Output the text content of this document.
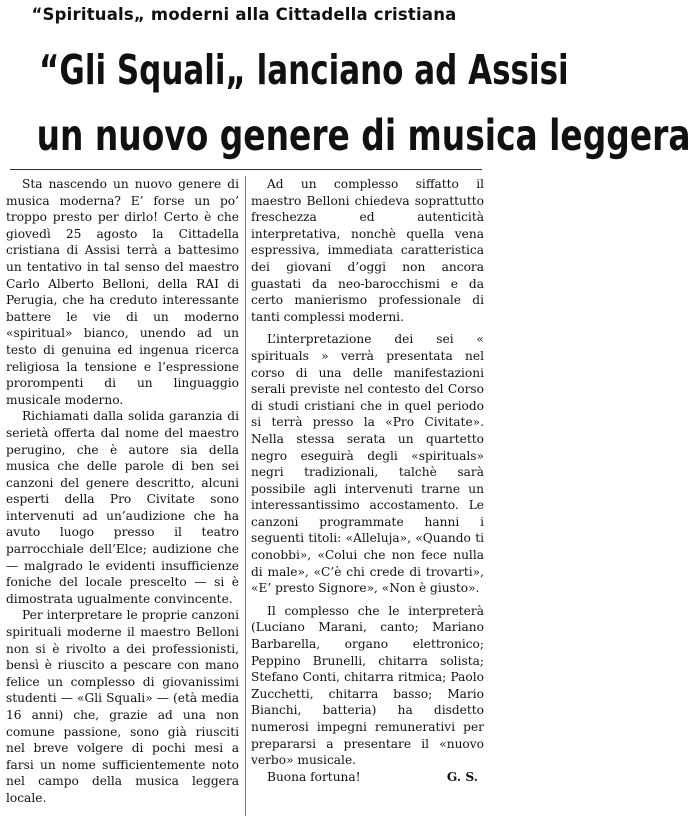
“Spirituals„ moderni alla Cittadella cristiana
“Gli Squali„ lanciano ad Assisi
un nuovo genere di musica leggera

Sta nascendo un nuovo genere di musica moderna? E’ forse un po’ troppo presto per dirlo! Certo è che giovedì 25 agosto la Cittadella cristiana di Assisi terrà a battesimo un tentativo in tal senso del maestro Carlo Alberto Belloni, della RAI di Perugia, che ha creduto interessante battere le vie di un moderno «spiritual» bianco, unendo ad un testo di genuina ed ingenua ricerca religiosa la tensione e l’espressione prorompenti di un linguaggio musicale moderno.

Richiamati dalla solida garanzia di serietà offerta dal nome del maestro perugino, che è autore sia della musica che delle parole di ben sei canzoni del genere descritto, alcuni esperti della Pro Civitate sono intervenuti ad un’audizione che ha avuto luogo presso il teatro parrocchiale dell’Elce; audizione che — malgrado le evidenti insufficienze foniche del locale prescelto — si è dimostrata ugualmente convincente.

Per interpretare le proprie canzoni spirituali moderne il maestro Belloni non si è rivolto a dei professionisti, bensì è riuscito a pescare con mano felice un complesso di giovanissimi studenti — «Gli Squali» — (età media 16 anni) che, grazie ad una non comune passione, sono già riusciti nel breve volgere di pochi mesi a farsi un nome sufficientemente noto nel campo della musica leggera locale.

Ad un complesso siffatto il maestro Belloni chiedeva soprattutto freschezza ed autenticità interpretativa, nonchè quella vena espressiva, immediata caratteristica dei giovani d’oggi non ancora guastati da neo-barocchismi e da certo manierismo professionale di tanti complessi moderni.

L’interpretazione dei sei « spirituals » verrà presentata nel corso di una delle manifestazioni serali previste nel contesto del Corso di studi cristiani che in quel periodo si terrà presso la «Pro Civitate». Nella stessa serata un quartetto negro eseguirà degli «spirituals» negri tradizionali, talchè sarà possibile agli intervenuti trarne un interessantissimo accostamento. Le canzoni programmate hanni i seguenti titoli: «Alleluja», «Quando ti conobbi», «Colui che non fece nulla di male», «C’è chi crede di trovarti», «E’ presto Signore», «Non è giusto».

Il complesso che le interpreterà (Luciano Marani, canto; Mariano Barbarella, organo elettronico; Peppino Brunelli, chitarra solista; Stefano Conti, chitarra ritmica; Paolo Zucchetti, chitarra basso; Mario Bianchi, batteria) ha disdetto numerosi impegni remunerativi per prepararsi a presentare il «nuovo verbo» musicale.

Buona fortuna!	G. S.
